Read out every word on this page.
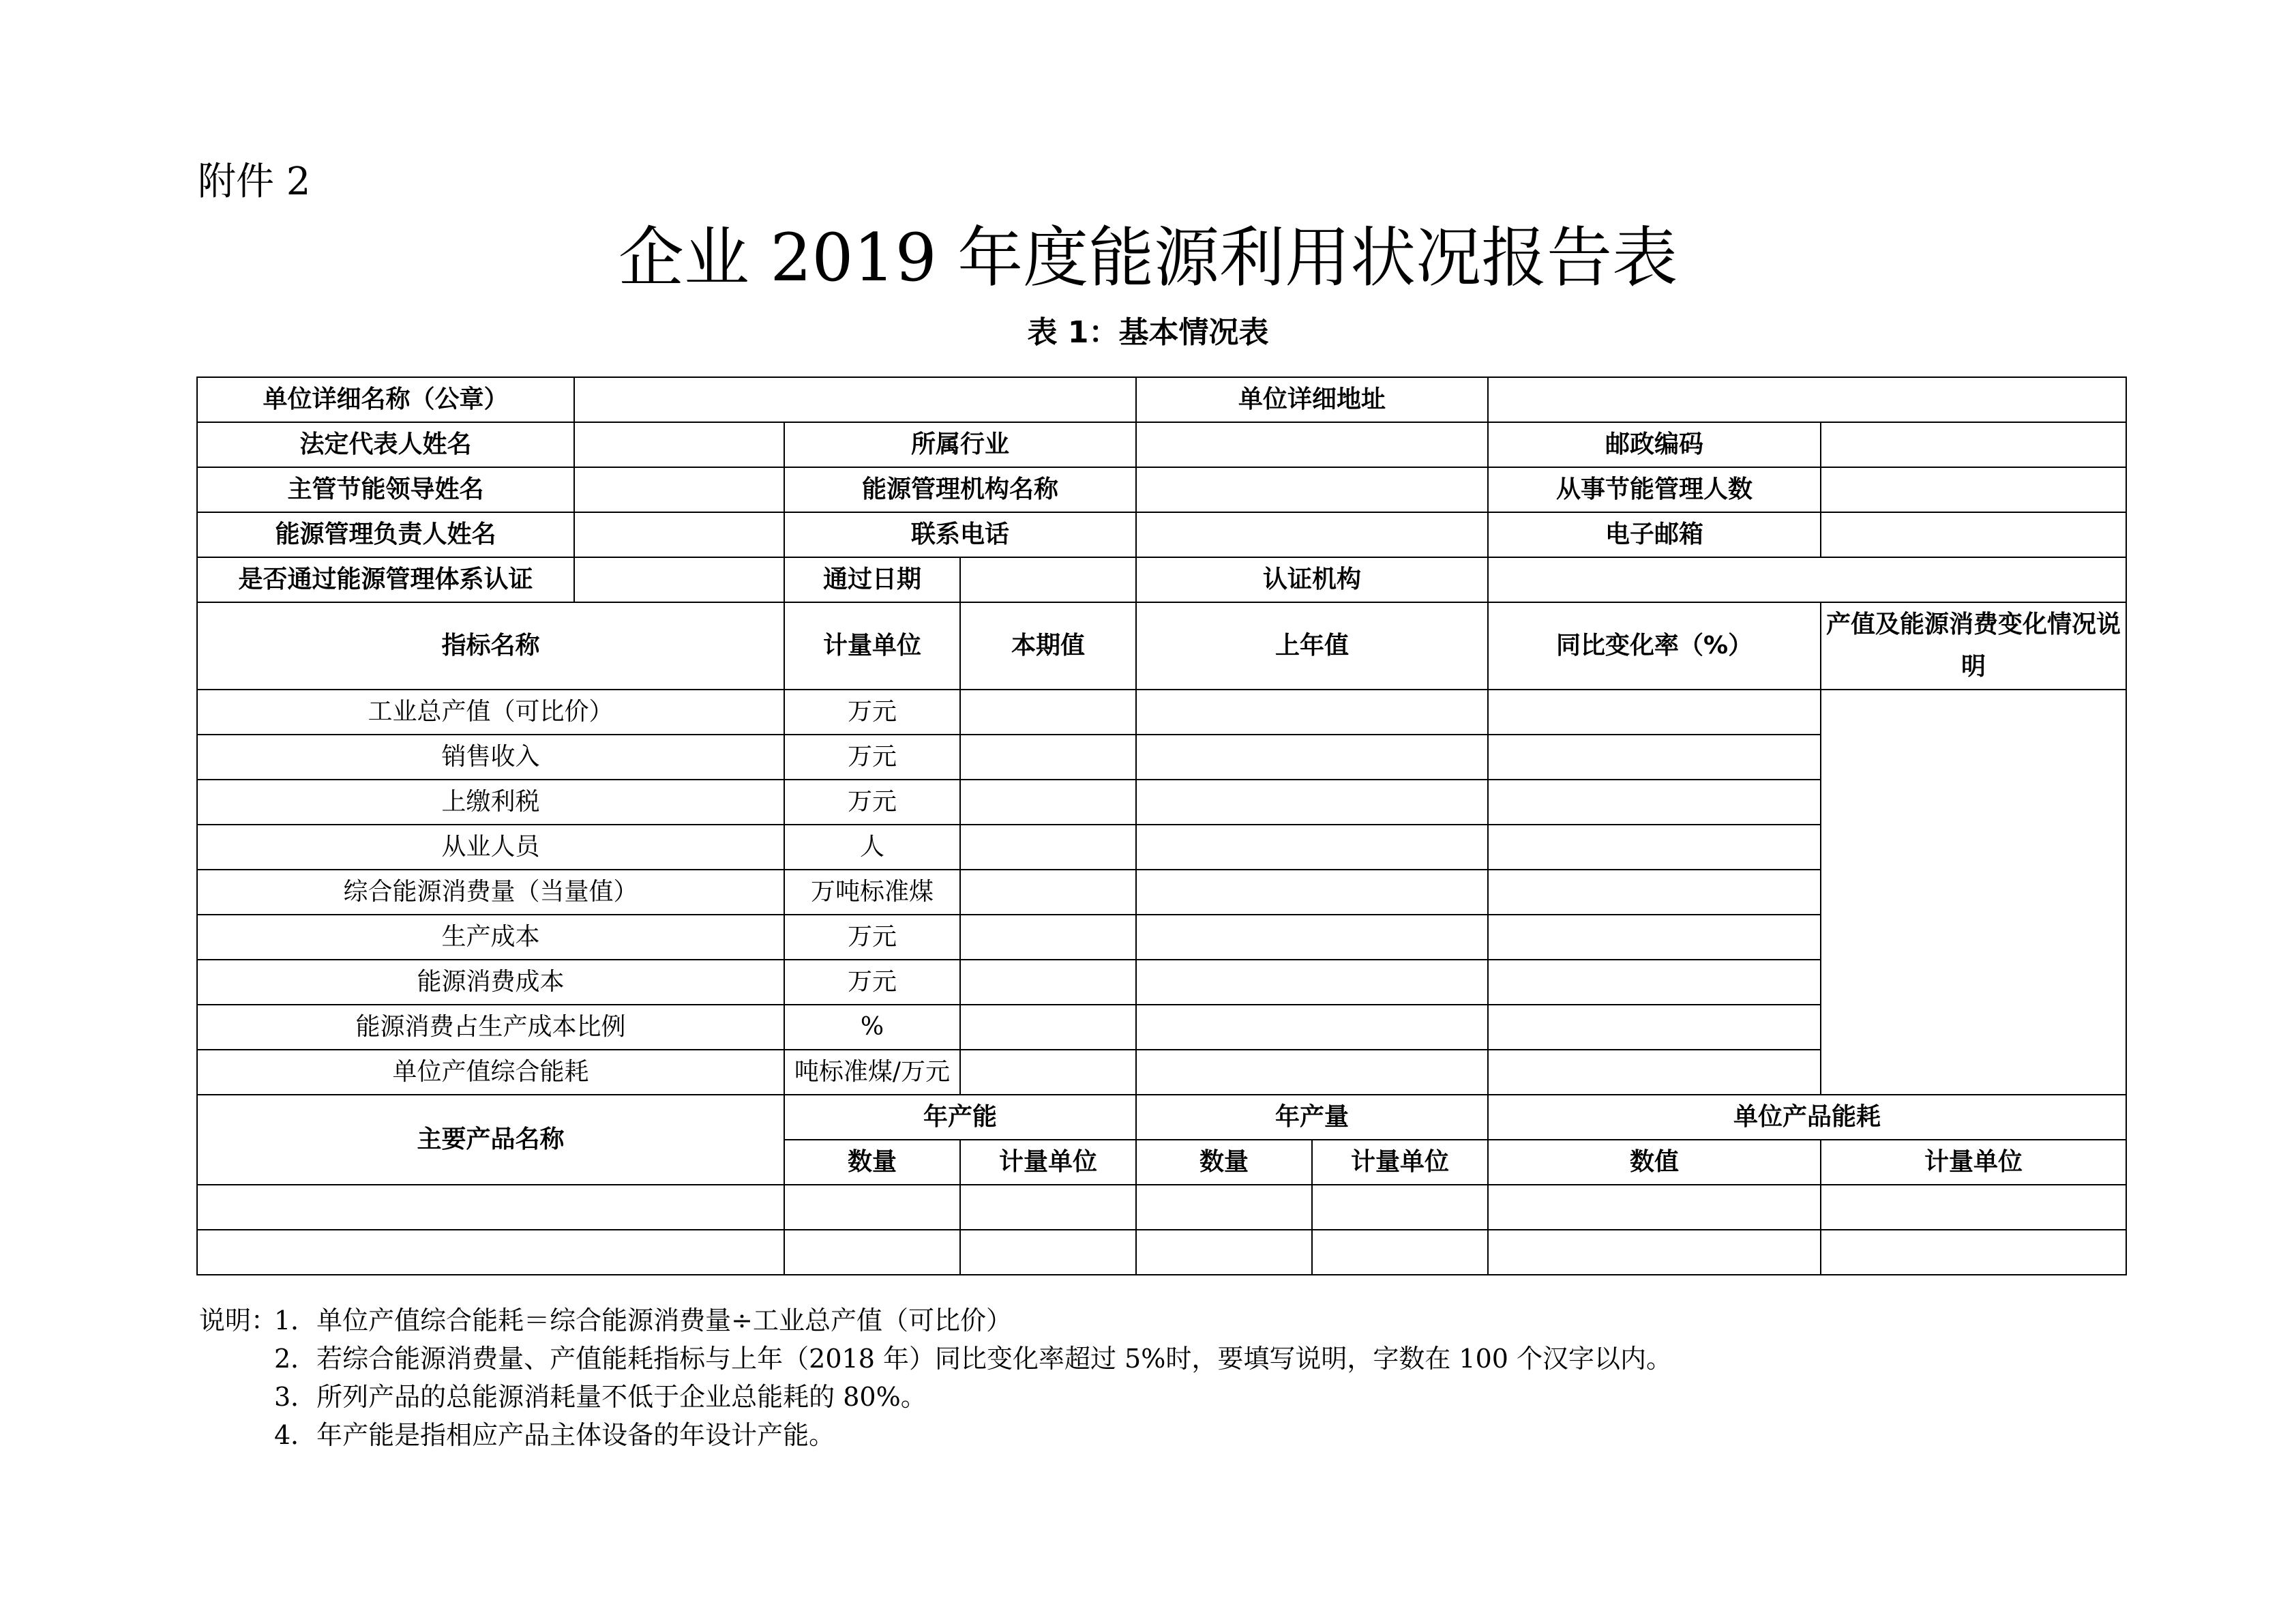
附件 2
企业 2019 年度能源利用状况报告表
表 1：基本情况表
单位详细名称（公章）				单位详细地址			
法定代表人姓名		所属行业				邮政编码	
主管节能领导姓名		能源管理机构名称				从事节能管理人数	
能源管理负责人姓名		联系电话				电子邮箱	
是否通过能源管理体系认证		通过日期		认证机构			
指标名称		计量单位	本期值	上年值		同比变化率（%）	产值及能源消费变化情况说明
工业总产值（可比价）		万元					
销售收入		万元					
上缴利税		万元					
从业人员		人					
综合能源消费量（当量值）		万吨标准煤					
生产成本		万元					
能源消费成本		万元					
能源消费占生产成本比例		%					
单位产值综合能耗		吨标准煤/万元					
主要产品名称		年产能		年产量		单位产品能耗	
		数量	计量单位	数量	计量单位	数值	计量单位

说明：1．单位产值综合能耗＝综合能源消费量÷工业总产值（可比价）
2．若综合能源消费量、产值能耗指标与上年（2018 年）同比变化率超过 5%时，要填写说明，字数在 100 个汉字以内。
3．所列产品的总能源消耗量不低于企业总能耗的 80%。
4．年产能是指相应产品主体设备的年设计产能。
